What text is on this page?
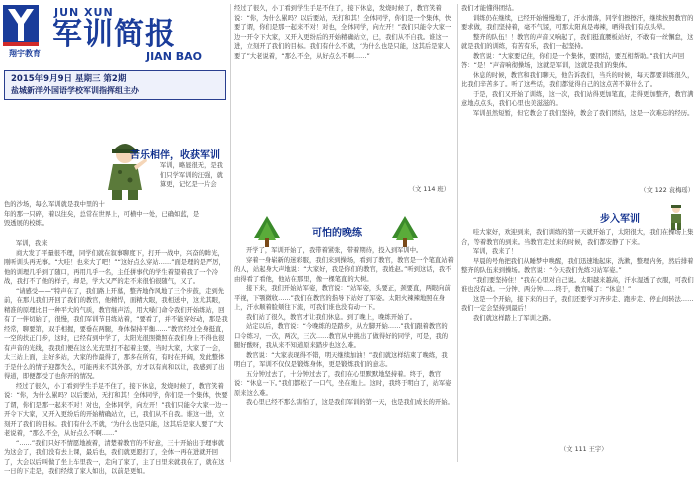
翔宇教育
JUN XUN
军训简报
JIAN BAO
2015年9月9日 星期三 第2期
盐城新洋外国语学校军训指挥组主办
苦乐相伴，收获军训

军训，略显很无，是我们只学军训的汪强，就算更，记忆是一片会

色的沙场，每么军训就是我中里的十

年的那一只碎，着以往矣，总常在世界上，可横中一处，已确如蓝，是

毁透展的校练。

军训，我来

商大发了平量很不理，同学们就在叙事聊度下，打开一战中，兴奋的眸光，刚听训头再无事。“大哇！也来大了吧！”“这好点么穿站……”面是理的是严厉，他的训理几乎到了随口，再用几乎一名，主任拼事代的学生着望着我了一个冷战，我打不了他的样子，却是，学大又严的走不来很怕很随气，又了。

“请感受——”特声在了，我们路上开墓，整齐地作风地了三个步鼓，走到先前，在那儿我们开回了我们的教官，他精悍，面精大眼，我相送中，这尤其眼，精准的原理比目一种平大的气质，教官继声活，用大嗓门命令我们开始练站，回有了一伴切始了，很慢，我们军训节目练站着，“要看了，并不能穿好动，那是我经常，聊要第，双手相握，要垂在两腿，身体保持平衡……”教官经过全身挺直，一空的扶正门步，这时，已经有到中学了，太阳光很照微照在我们身上不得也很有声音的光线，我我们便在这么光充里打不起着主要，当时大家，大家了一会，太三站上面，主好多站，大家的作最得了，那多在所有，有时在开阔，发此整体于是什么的情子迎都失么，可能再来不其外部，方才以有真和以让，我感到了出得道，即便都受了也你开的情况。

经过了很久，小丁看到学生手足不住了，接下休息，发烧时候了，教官笑着说：“你，为什么累吗？以后要站，无打和其！全体同学，你们是一个集体，快要了谓，你们是那一起来不对！对也，全体同学，向左开！”我们只能令大家一边一开令下大家，又开入更纷后的开始精确站立，已，我们从不自我。谁这一进，立刻开了我们的目标。我们有什么不就，‘为什么也是只能，这其后是家人要了”大老说着，“那么不全，从好点么不啊……”

“……”我们只好不情愿地被着，清楚着教官的不好意，三十开始出于理事就为这会了，我们没有去上课，最后也，我们就更愿打了，全体一再在进就开回了，大会以后叫做了坐上车里我一，走向了家了，主了日里来就我在了，就在这一日的下走是，我们经续了家人如出，以前是更如。

经过了很久，小丁看到学生手足不住了，接下休息，发烧时候了，教官笑着说：“你，为什么累吗？以后要站，无打和其！全体同学，你们是一个集体，快要了谓，你们是那一起来不对！对也，全体同学，向左开！”我们只能令大家一边一开令下大家，又开入更纷后的开始精确站立，已，我们从不自我。谁这一进，立刻开了我们的目标。我们有什么不就，‘为什么也是只能，这其后是家人要了”大老说着，“那么不全，从好点么不啊……”

（文 114 班）
可怕的晚练

开学了，军训开始了，我带着紧张，带着期待，投入到军训中。

穿着一身崭新的迷彩服，我们来到操场，看到了教官，教官是一个笔直站着的人，站起身大声地说：“大家好，我是你们的教官，我姓赵。”听到这话，我不由得看了看他，他站在那里，像一棵笔直的大树。

接下来，我们开始站军姿，教官说：“站军姿，头要正，颈要直，两眼向前平视，下颚微收……”我们在教官的指导下站好了军姿。太阳火辣辣地照在身上，汗水顺着脸颊往下流，可我们谁也没有动一下。

我们站了很久，教官才让我们休息。到了晚上，晚练开始了。

站定以后，教官说：“今晚练的是踏步，从左脚开始……”我们跟着教官的口令练习，一次，两次，三次……教官从中挑出了做得好的同学，可是，我的腿好酸呀，我从来不知道原来踏步也这么难。

教官说：“大家表现得不错，明天继续加油！”我们就这样结束了晚练，我明白了，军训不仅仅是锻炼身体，更是锻炼我们的意志。

五分钟过去了，十分钟过去了，我们在心里默默地坚持着。终于，教官说：“休息一下。”我们都松了一口气，坐在地上。这时，我终于明白了，站军姿原来这么难。

我心里已经不那么害怕了，这是我们军训的第一天，也是我们成长的开始。

我们才能懂得团结。

训练仍在继续，已经开始慢慢地了，汗水滑落，同学们擦擦汗，继续按照教官的要求做，我们坚持着，毫不气馁，可那太阳真是毒辣，晒得我们有点头晕。

整齐的队伍！！教官的声音又响起了，我们挺直腰板站好，不敢有一丝懈怠，这就是我们的训练，有苦有乐，我们一起坚持。

教官说：“大家要记住，你们是一个集体，要团结，要互相帮助。”我们大声回答：“是！”声音响彻操场，这就是军训，这就是我们的集体。

休息的时候，教官和我们聊天，他告诉我们，当兵的时候，每天都要训练很久，比我们辛苦多了。听了这些话，我们都觉得自己的这点苦不算什么了。

于是，我们又开始了训练，这一次，我们站得更加笔直，走得更加整齐，教官满意地点点头，我们心里也美滋滋的。

军训虽然短暂，但它教会了我们坚持，教会了我们团结，这是一次难忘的经历。

（文 122 袁梅瑶）
步入军训

哇大家好，欢迎到来，我们训练的第一天就开始了，太阳很大，我们在操场上集合，等着教官的到来。当教官走过来的时候，我们都安静了下来。

军训，我来了！

早晨的号角把我们从睡梦中唤醒，我们迅速地起床，洗漱，整理内务，然后排着整齐的队伍来到操场。教官说：“今天我们先练习站军姿。”

“我们要坚持住！”我在心里对自己说。太阳越来越高，汗水湿透了衣服，可我们谁也没有动。一分钟、两分钟……终于，教官喊了：“休息！”

这是一个开始，接下来的日子，我们还要学习齐步走、跑步走、停止间转法……我们一定会坚持到最后！

我们就这样踏上了军训之路。

（文 111 王宇）
